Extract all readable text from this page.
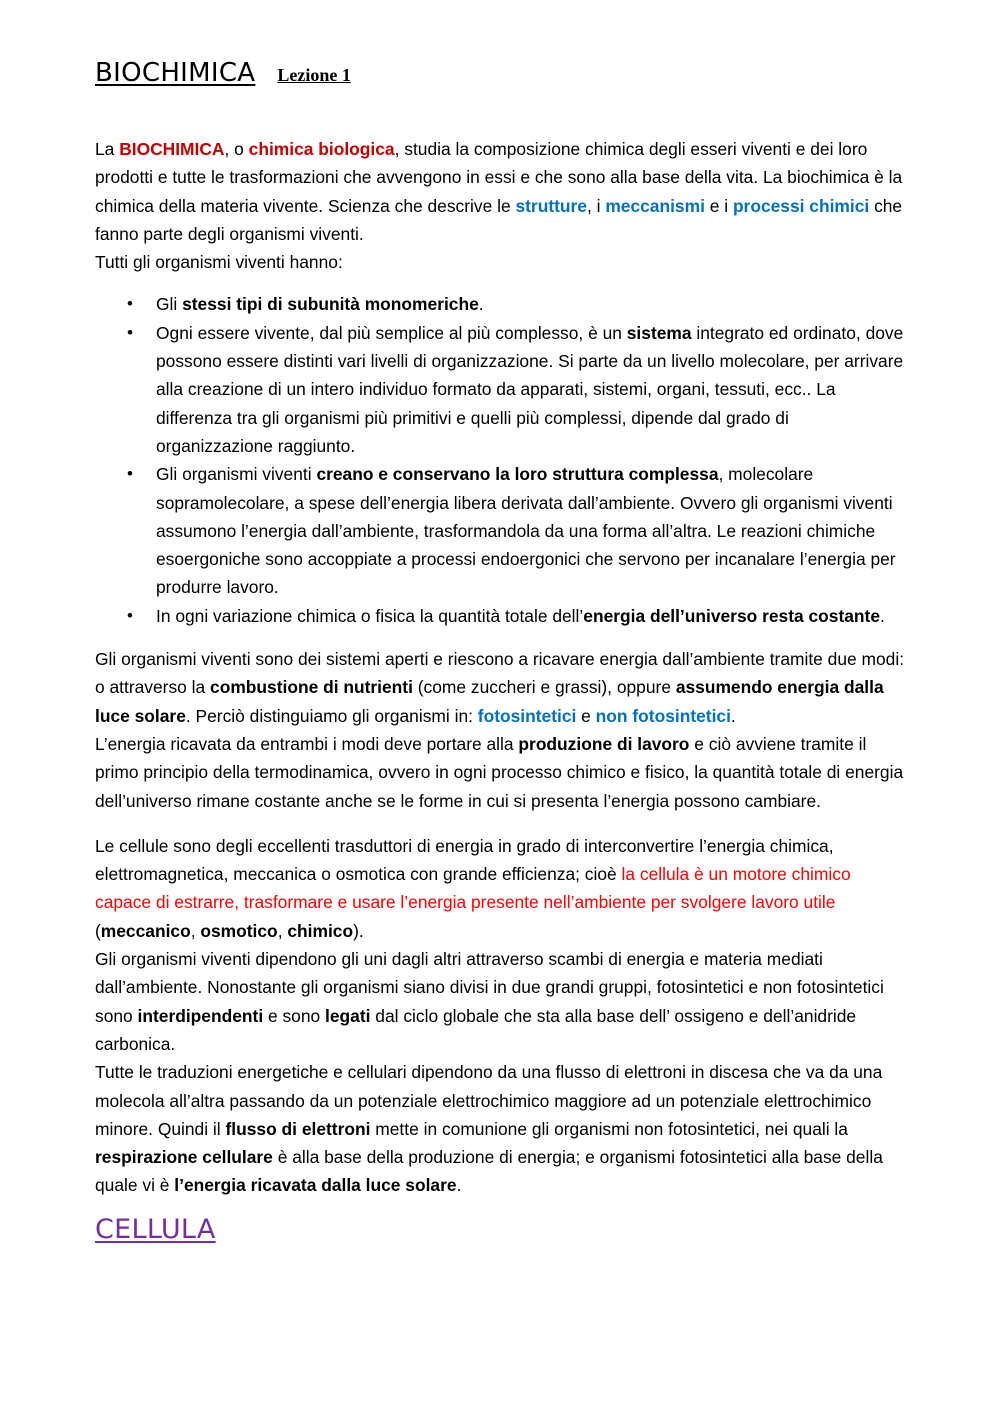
BIOCHIMICA Lezione 1

La BIOCHIMICA, o chimica biologica, studia la composizione chimica degli esseri viventi e dei loro prodotti e tutte le trasformazioni che avvengono in essi e che sono alla base della vita. La biochimica è la chimica della materia vivente. Scienza che descrive le strutture, i meccanismi e i processi chimici che fanno parte degli organismi viventi.
Tutti gli organismi viventi hanno:

• Gli stessi tipi di subunità monomeriche.
• Ogni essere vivente, dal più semplice al più complesso, è un sistema integrato ed ordinato, dove possono essere distinti vari livelli di organizzazione. Si parte da un livello molecolare, per arrivare alla creazione di un intero individuo formato da apparati, sistemi, organi, tessuti, ecc.. La differenza tra gli organismi più primitivi e quelli più complessi, dipende dal grado di organizzazione raggiunto.
• Gli organismi viventi creano e conservano la loro struttura complessa, molecolare sopramolecolare, a spese dell’energia libera derivata dall’ambiente. Ovvero gli organismi viventi assumono l’energia dall’ambiente, trasformandola da una forma all’altra. Le reazioni chimiche esoergoniche sono accoppiate a processi endoergonici che servono per incanalare l’energia per produrre lavoro.
• In ogni variazione chimica o fisica la quantità totale dell’energia dell’universo resta costante.

Gli organismi viventi sono dei sistemi aperti e riescono a ricavare energia dall’ambiente tramite due modi: o attraverso la combustione di nutrienti (come zuccheri e grassi), oppure assumendo energia dalla luce solare. Perciò distinguiamo gli organismi in: fotosintetici e non fotosintetici.
L’energia ricavata da entrambi i modi deve portare alla produzione di lavoro e ciò avviene tramite il primo principio della termodinamica, ovvero in ogni processo chimico e fisico, la quantità totale di energia dell’universo rimane costante anche se le forme in cui si presenta l’energia possono cambiare.

Le cellule sono degli eccellenti trasduttori di energia in grado di interconvertire l’energia chimica, elettromagnetica, meccanica o osmotica con grande efficienza; cioè la cellula è un motore chimico capace di estrarre, trasformare e usare l’energia presente nell’ambiente per svolgere lavoro utile
(meccanico, osmotico, chimico).
Gli organismi viventi dipendono gli uni dagli altri attraverso scambi di energia e materia mediati dall’ambiente. Nonostante gli organismi siano divisi in due grandi gruppi, fotosintetici e non fotosintetici sono interdipendenti e sono legati dal ciclo globale che sta alla base dell’ ossigeno e dell’anidride carbonica.
Tutte le traduzioni energetiche e cellulari dipendono da una flusso di elettroni in discesa che va da una molecola all’altra passando da un potenziale elettrochimico maggiore ad un potenziale elettrochimico minore. Quindi il flusso di elettroni mette in comunione gli organismi non fotosintetici, nei quali la respirazione cellulare è alla base della produzione di energia; e organismi fotosintetici alla base della quale vi è l’energia ricavata dalla luce solare.

CELLULA
